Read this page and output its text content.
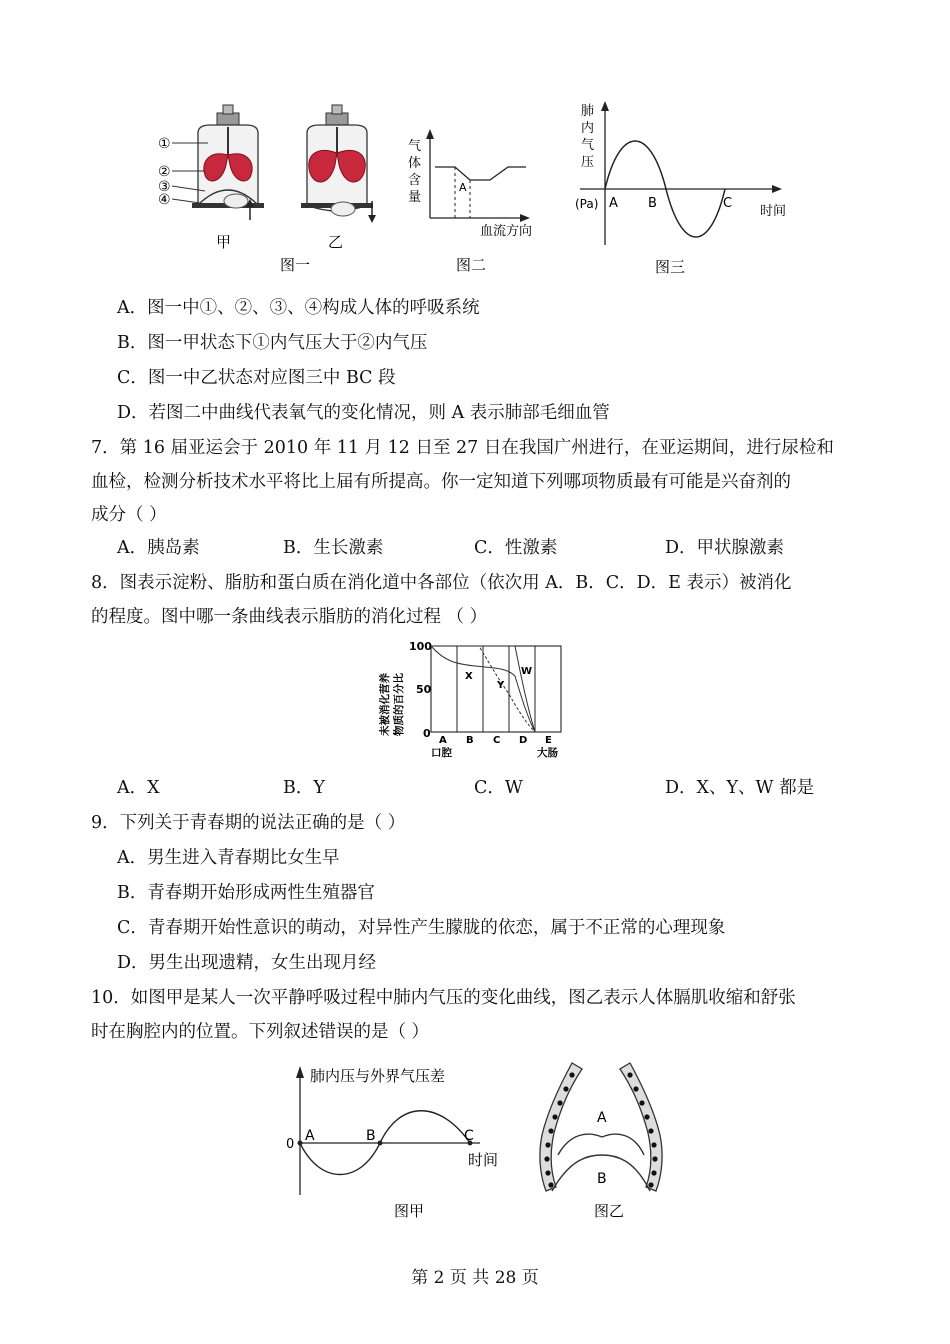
①
②
③
④
甲	乙
图一
气
体
含
量
A
血流方向
图二
肺
内
气
压
(Pa) A B	C
时间
图三
A．图一中①、②、③、④构成人体的呼吸系统
B．图一甲状态下①内气压大于②内气压
C．图一中乙状态对应图三中 BC 段
D．若图二中曲线代表氧气的变化情况，则 A 表示肺部毛细血管
7．第 16 届亚运会于 2010 年 11 月 12 日至 27 日在我国广州进行，在亚运期间，进行尿检和
血检，检测分析技术水平将比上届有所提高。你一定知道下列哪项物质最有可能是兴奋剂的
成分（ ）
A．胰岛素	B．生长激素	C．性激素	D．甲状腺激素
8．图表示淀粉、脂肪和蛋白质在消化道中各部位（依次用 A．B．C．D．E 表示）被消化
的程度。图中哪一条曲线表示脂肪的消化过程 （ ）
未被消化营养 物质的百分比
100
50
0
X
Y
W
A B C D E
口腔	大肠
A．X	B．Y	C．W	D．X、Y、W 都是
9．下列关于青春期的说法正确的是（ ）
A．男生进入青春期比女生早
B．青春期开始形成两性生殖器官
C．青春期开始性意识的萌动，对异性产生朦胧的依恋，属于不正常的心理现象
D．男生出现遗精，女生出现月经
10．如图甲是某人一次平静呼吸过程中肺内气压的变化曲线，图乙表示人体膈肌收缩和舒张
时在胸腔内的位置。下列叙述错误的是（ ）
肺内压与外界气压差
0
A	B	C
时间
图甲
A
B
图乙
第 2 页 共 28 页
